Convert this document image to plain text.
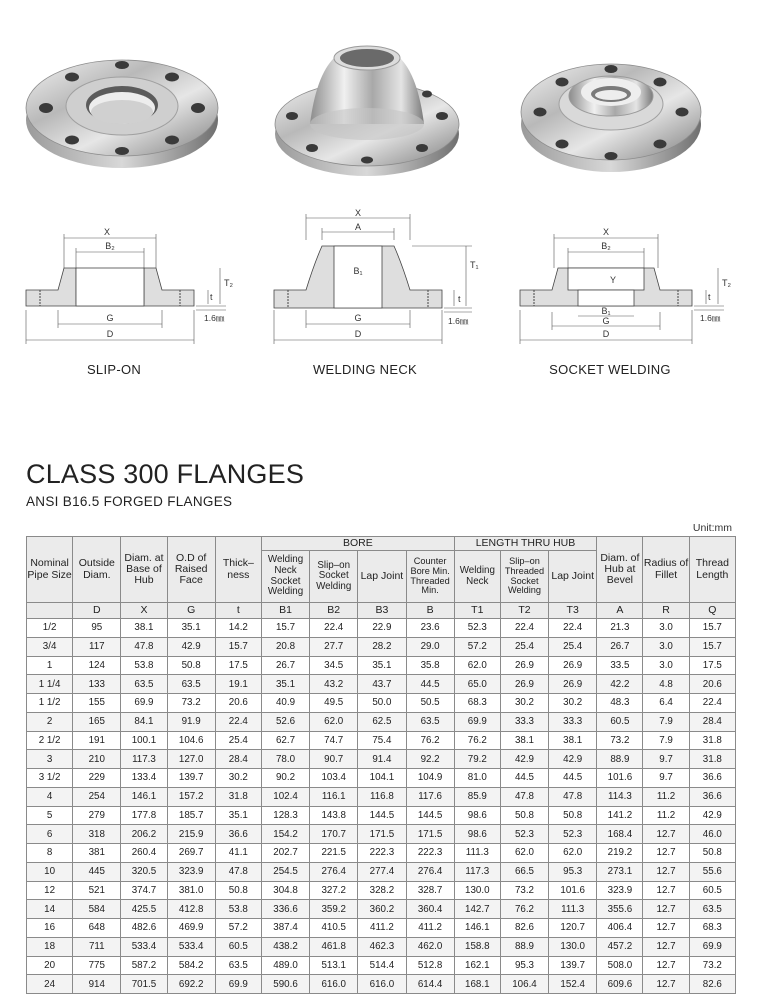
X
B₂
T₂
t
G
D
1.6㎜
X
A
B₁
T₁
t
G
D
1.6㎜
X
B₂
Y	T₂
t
B₁
G
D
1.6㎜
SLIP-ON	WELDING NECK	SOCKET WELDING
CLASS 300 FLANGES
ANSI B16.5 FORGED FLANGES
Unit:mm
Nominal Pipe Size	Outside Diam.	Diam. at Base of Hub	O.D of Raised Face	Thick–ness	BORE				LENGTH THRU HUB			Diam. of Hub at Bevel	Radius of Fillet	Thread Length
					Welding Neck Socket Welding	Slip–on Socket Welding	Lap Joint	Counter Bore Min. Threaded Min.	Welding Neck	Slip–on Threaded Socket Welding	Lap Joint			
	D	X	G	t	B1	B2	B3	B	T1	T2	T3	A	R	Q
1/2	95	38.1	35.1	14.2	15.7	22.4	22.9	23.6	52.3	22.4	22.4	21.3	3.0	15.7
3/4	117	47.8	42.9	15.7	20.8	27.7	28.2	29.0	57.2	25.4	25.4	26.7	3.0	15.7
1	124	53.8	50.8	17.5	26.7	34.5	35.1	35.8	62.0	26.9	26.9	33.5	3.0	17.5
1 1/4	133	63.5	63.5	19.1	35.1	43.2	43.7	44.5	65.0	26.9	26.9	42.2	4.8	20.6
1 1/2	155	69.9	73.2	20.6	40.9	49.5	50.0	50.5	68.3	30.2	30.2	48.3	6.4	22.4
2	165	84.1	91.9	22.4	52.6	62.0	62.5	63.5	69.9	33.3	33.3	60.5	7.9	28.4
2 1/2	191	100.1	104.6	25.4	62.7	74.7	75.4	76.2	76.2	38.1	38.1	73.2	7.9	31.8
3	210	117.3	127.0	28.4	78.0	90.7	91.4	92.2	79.2	42.9	42.9	88.9	9.7	31.8
3 1/2	229	133.4	139.7	30.2	90.2	103.4	104.1	104.9	81.0	44.5	44.5	101.6	9.7	36.6
4	254	146.1	157.2	31.8	102.4	116.1	116.8	117.6	85.9	47.8	47.8	114.3	11.2	36.6
5	279	177.8	185.7	35.1	128.3	143.8	144.5	144.5	98.6	50.8	50.8	141.2	11.2	42.9
6	318	206.2	215.9	36.6	154.2	170.7	171.5	171.5	98.6	52.3	52.3	168.4	12.7	46.0
8	381	260.4	269.7	41.1	202.7	221.5	222.3	222.3	111.3	62.0	62.0	219.2	12.7	50.8
10	445	320.5	323.9	47.8	254.5	276.4	277.4	276.4	117.3	66.5	95.3	273.1	12.7	55.6
12	521	374.7	381.0	50.8	304.8	327.2	328.2	328.7	130.0	73.2	101.6	323.9	12.7	60.5
14	584	425.5	412.8	53.8	336.6	359.2	360.2	360.4	142.7	76.2	111.3	355.6	12.7	63.5
16	648	482.6	469.9	57.2	387.4	410.5	411.2	411.2	146.1	82.6	120.7	406.4	12.7	68.3
18	711	533.4	533.4	60.5	438.2	461.8	462.3	462.0	158.8	88.9	130.0	457.2	12.7	69.9
20	775	587.2	584.2	63.5	489.0	513.1	514.4	512.8	162.1	95.3	139.7	508.0	12.7	73.2
24	914	701.5	692.2	69.9	590.6	616.0	616.0	614.4	168.1	106.4	152.4	609.6	12.7	82.6
